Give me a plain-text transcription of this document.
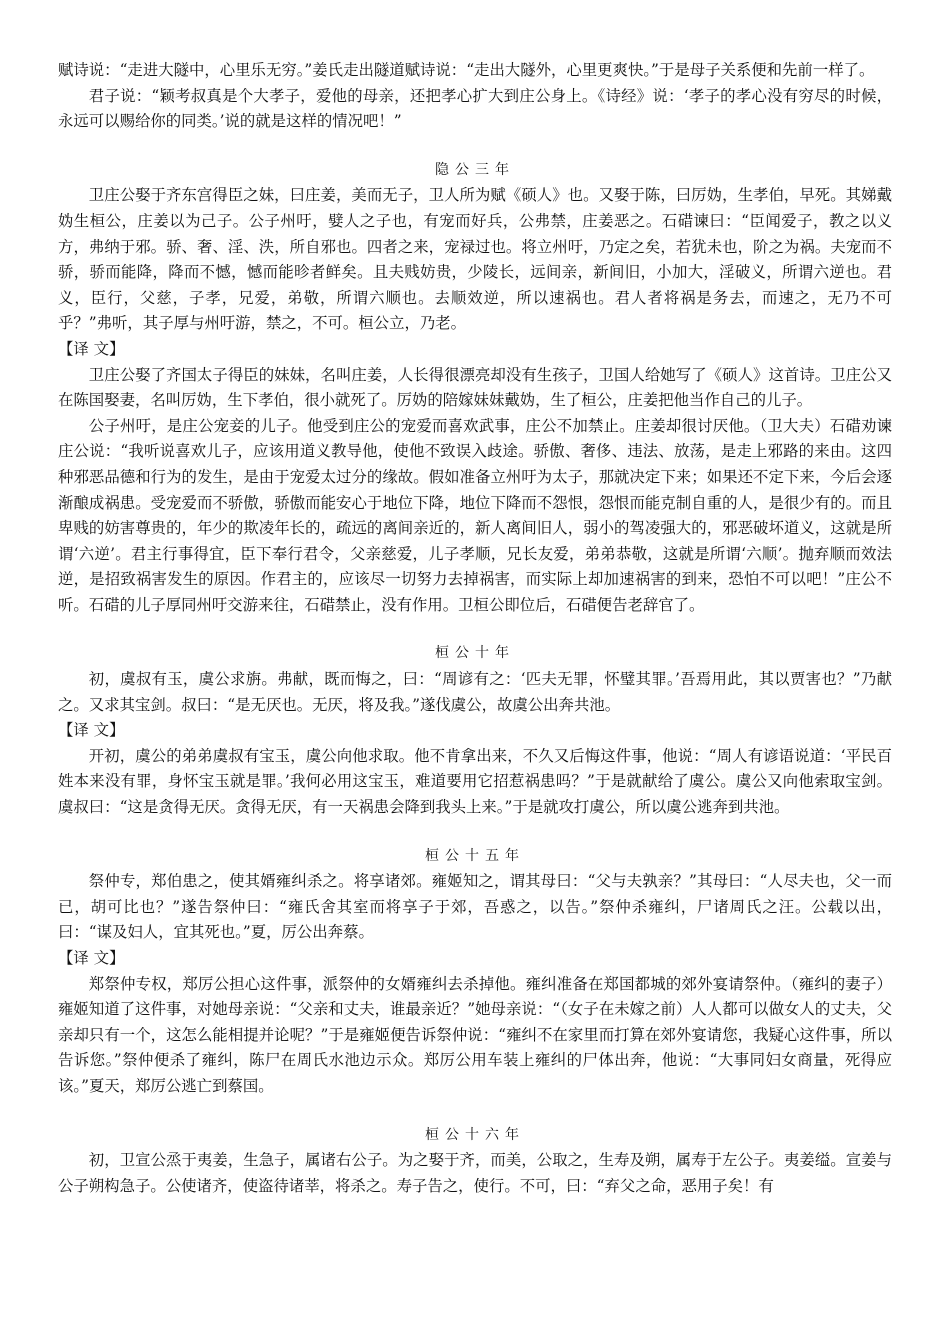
赋诗说：“走进大隧中，心里乐无穷。”姜氏走出隧道赋诗说：“走出大隧外，心里更爽快。”于是母子关系便和先前一样了。

君子说：“颖考叔真是个大孝子，爱他的母亲，还把孝心扩大到庄公身上。《诗经》说：‘孝子的孝心没有穷尽的时候，永远可以赐给你的同类。’说的就是这样的情况吧！”

隐公三年

卫庄公娶于齐东宫得臣之妹，曰庄姜，美而无子，卫人所为赋《硕人》也。又娶于陈，曰厉妫，生孝伯，早死。其娣戴妫生桓公，庄姜以为己子。公子州吁，嬖人之子也，有宠而好兵，公弗禁，庄姜恶之。石碏谏曰：“臣闻爱子，教之以义方，弗纳于邪。骄、奢、淫、泆，所自邪也。四者之来，宠禄过也。将立州吁，乃定之矣，若犹未也，阶之为祸。夫宠而不骄，骄而能降，降而不憾，憾而能昣者鲜矣。且夫贱妨贵，少陵长，远间亲，新间旧，小加大，淫破义，所谓六逆也。君义，臣行，父慈，子孝，兄爱，弟敬，所谓六顺也。去顺效逆，所以速祸也。君人者将祸是务去，而速之，无乃不可乎？”弗听，其子厚与州吁游，禁之，不可。桓公立，乃老。

【译 文】

卫庄公娶了齐国太子得臣的妹妹，名叫庄姜，人长得很漂亮却没有生孩子，卫国人给她写了《硕人》这首诗。卫庄公又在陈国娶妻，名叫厉妫，生下孝伯，很小就死了。厉妫的陪嫁妹妹戴妫，生了桓公，庄姜把他当作自己的儿子。

公子州吁，是庄公宠妾的儿子。他受到庄公的宠爱而喜欢武事，庄公不加禁止。庄姜却很讨厌他。（卫大夫）石碏劝谏庄公说：“我听说喜欢儿子，应该用道义教导他，使他不致误入歧途。骄傲、奢侈、违法、放荡，是走上邪路的来由。这四种邪恶品德和行为的发生，是由于宠爱太过分的缘故。假如准备立州吁为太子，那就决定下来；如果还不定下来，今后会逐渐酿成祸患。受宠爱而不骄傲，骄傲而能安心于地位下降，地位下降而不怨恨，怨恨而能克制自重的人，是很少有的。而且卑贱的妨害尊贵的，年少的欺凌年长的，疏远的离间亲近的，新人离间旧人，弱小的驾凌强大的，邪恶破坏道义，这就是所谓‘六逆’。君主行事得宜，臣下奉行君令，父亲慈爱，儿子孝顺，兄长友爱，弟弟恭敬，这就是所谓‘六顺’。抛弃顺而效法逆，是招致祸害发生的原因。作君主的，应该尽一切努力去掉祸害，而实际上却加速祸害的到来，恐怕不可以吧！”庄公不听。石碏的儿子厚同州吁交游来往，石碏禁止，没有作用。卫桓公即位后，石碏便告老辞官了。

桓公十年

初，虞叔有玉，虞公求旃。弗献，既而悔之，曰：“周谚有之：‘匹夫无罪，怀璧其罪。’吾焉用此，其以贾害也？”乃献之。又求其宝剑。叔曰：“是无厌也。无厌，将及我。”遂伐虞公，故虞公出奔共池。

【译 文】

开初，虞公的弟弟虞叔有宝玉，虞公向他求取。他不肯拿出来，不久又后悔这件事，他说：“周人有谚语说道：‘平民百姓本来没有罪，身怀宝玉就是罪。’我何必用这宝玉，难道要用它招惹祸患吗？”于是就献给了虞公。虞公又向他索取宝剑。虞叔曰：“这是贪得无厌。贪得无厌，有一天祸患会降到我头上来。”于是就攻打虞公，所以虞公逃奔到共池。

桓公十五年

祭仲专，郑伯患之，使其婿雍纠杀之。将享诸郊。雍姬知之，谓其母曰：“父与夫孰亲？”其母曰：“人尽夫也，父一而已，胡可比也？”遂告祭仲曰：“雍氏舍其室而将享子于郊，吾惑之，以告。”祭仲杀雍纠，尸诸周氏之汪。公载以出，曰：“谋及妇人，宜其死也。”夏，厉公出奔蔡。

【译 文】

郑祭仲专权，郑厉公担心这件事，派祭仲的女婿雍纠去杀掉他。雍纠准备在郑国都城的郊外宴请祭仲。（雍纠的妻子）雍姬知道了这件事，对她母亲说：“父亲和丈夫，谁最亲近？”她母亲说：“（女子在未嫁之前）人人都可以做女人的丈夫，父亲却只有一个，这怎么能相提并论呢？”于是雍姬便告诉祭仲说：“雍纠不在家里而打算在郊外宴请您，我疑心这件事，所以告诉您。”祭仲便杀了雍纠，陈尸在周氏水池边示众。郑厉公用车装上雍纠的尸体出奔，他说：“大事同妇女商量，死得应该。”夏天，郑厉公逃亡到蔡国。

桓公十六年

初，卫宣公烝于夷姜，生急子，属诸右公子。为之娶于齐，而美，公取之，生寿及朔，属寿于左公子。夷姜缢。宣姜与公子朔构急子。公使诸齐，使盗待诸莘，将杀之。寿子告之，使行。不可，曰：“弃父之命，恶用子矣！有
